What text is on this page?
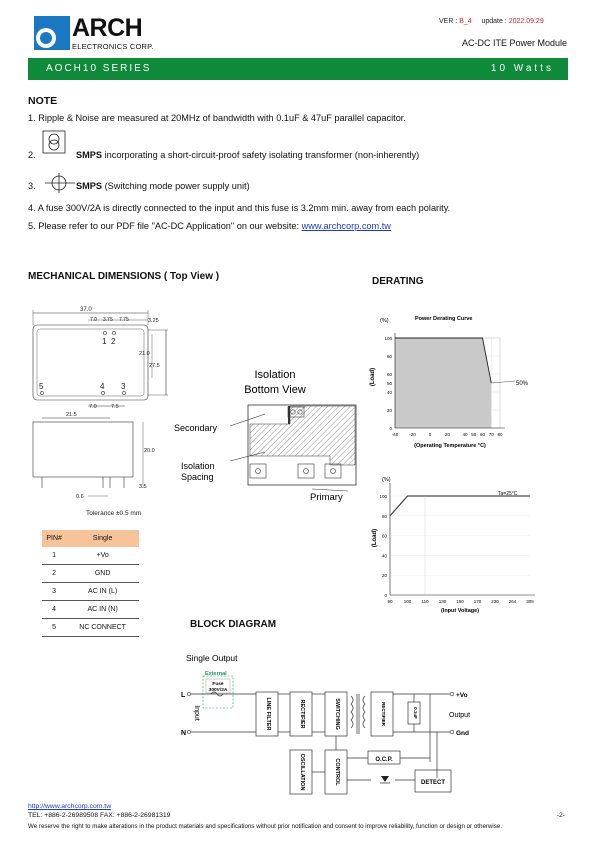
ARCH
ELECTRONICS CORP.
VER : B_4 update : 2022.09.29
AC-DC ITE Power Module
AOCH10 SERIES	10 Watts
NOTE
1. Ripple & Noise are measured at 20MHz of bandwidth with 0.1uF & 47uF parallel capacitor.
2.	SMPS incorporating a short-circuit-proof safety isolating transformer (non-inherently)
3.	SMPS (Switching mode power supply unit)
4. A fuse 300V/2A is directly connected to the input and this fuse is 3.2mm min. away from each polarity.
5. Please refer to our PDF file "AC-DC Application" on our website: www.archcorp.com.tw
MECHANICAL DIMENSIONS ( Top View )
37.0
7.0 3.75 7.75	3.25
21.0
27.5
21.5
7.0	7.5
20.0
3.5
0.6
Tolerance ±0.5 mm
1 2
5	4 3
Isolation
Bottom View
Secondary
Isolation
Spacing
Primary
PIN#	Single
1	+Vo
2	GND
3	AC IN (L)
4	AC IN (N)
5	NC CONNECT
DERATING
100
80
60
50
40
20
0
-40 -20	0	20	40 50 60 70 80
(%)	Power Derating Curve
(Load)
(Operating Temperature °C)
50%
100
80
60
40
20
0
90 100 110 130 150 170 230 264 305
(%)
(Load)
(Input Voltage)
Ta=25°C
BLOCK DIAGRAM
Single Output
External
Fuse
300V/2A
L
N
Input	LINE FILTER	RECTIFIER	SWITCHING	RECTIFIER	0.1uF
+Vo
Output
Gnd
OSCILLATION	CONTROL	O.C.P.
DETECT
http://www.archcorp.com.tw
TEL: +886-2-26989508 FAX: +886-2-26981319	-2-
We reserve the right to make alterations in the product materials and specifications without prior notification and consent to improve reliability, function or design or otherwise.
